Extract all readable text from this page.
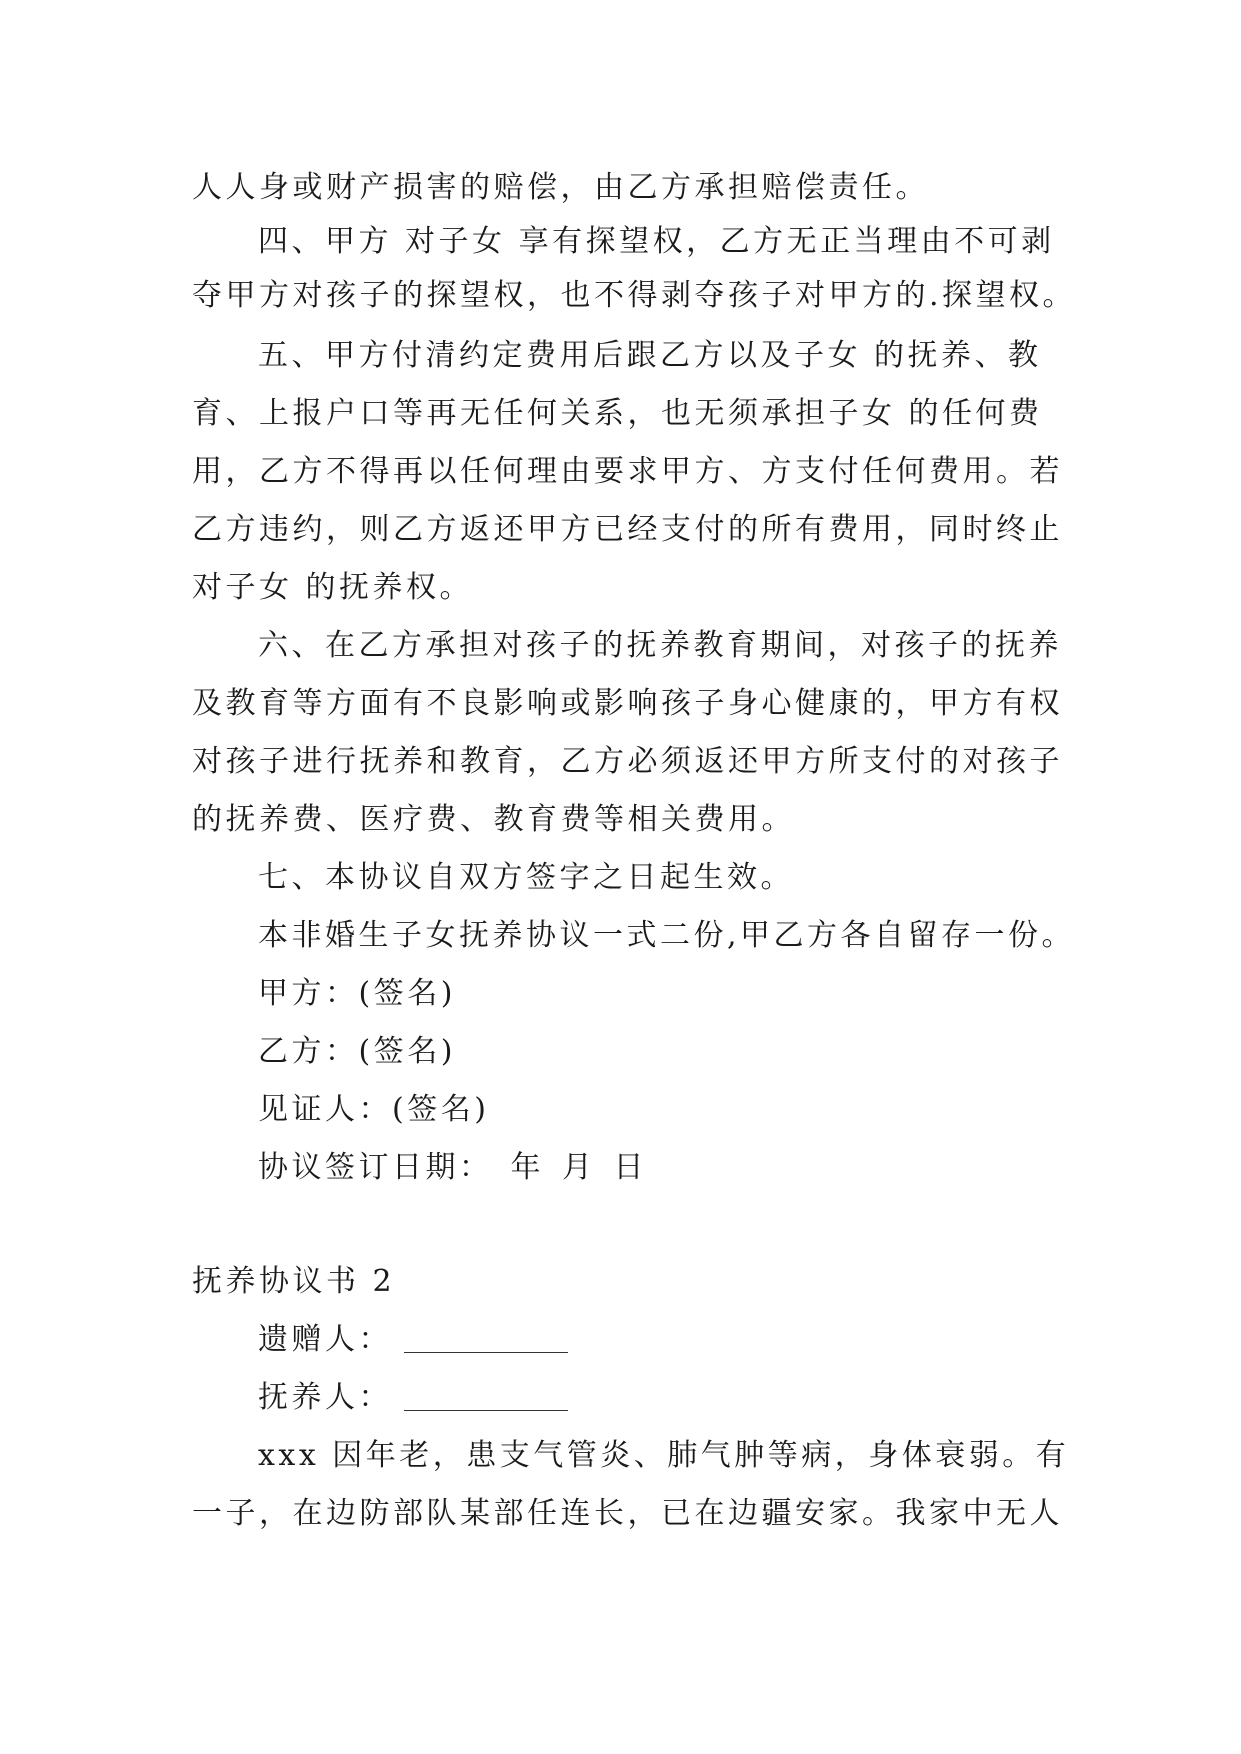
人人身或财产损害的赔偿，由乙方承担赔偿责任。
四、甲方 对子女 享有探望权，乙方无正当理由不可剥
夺甲方对孩子的探望权，也不得剥夺孩子对甲方的.探望权。
五、甲方付清约定费用后跟乙方以及子女 的抚养、教
育、上报户口等再无任何关系，也无须承担子女 的任何费
用，乙方不得再以任何理由要求甲方、方支付任何费用。若
乙方违约，则乙方返还甲方已经支付的所有费用，同时终止
对子女 的抚养权。
六、在乙方承担对孩子的抚养教育期间，对孩子的抚养
及教育等方面有不良影响或影响孩子身心健康的，甲方有权
对孩子进行抚养和教育，乙方必须返还甲方所支付的对孩子
的抚养费、医疗费、教育费等相关费用。
七、本协议自双方签字之日起生效。
本非婚生子女抚养协议一式二份,甲乙方各自留存一份。
甲方：(签名)
乙方：(签名)
见证人：(签名)
协议签订日期： 年 月 日
抚养协议书 2
遗赠人：
抚养人：
xxx 因年老，患支气管炎、肺气肿等病，身体衰弱。有
一子，在边防部队某部任连长，已在边疆安家。我家中无人
